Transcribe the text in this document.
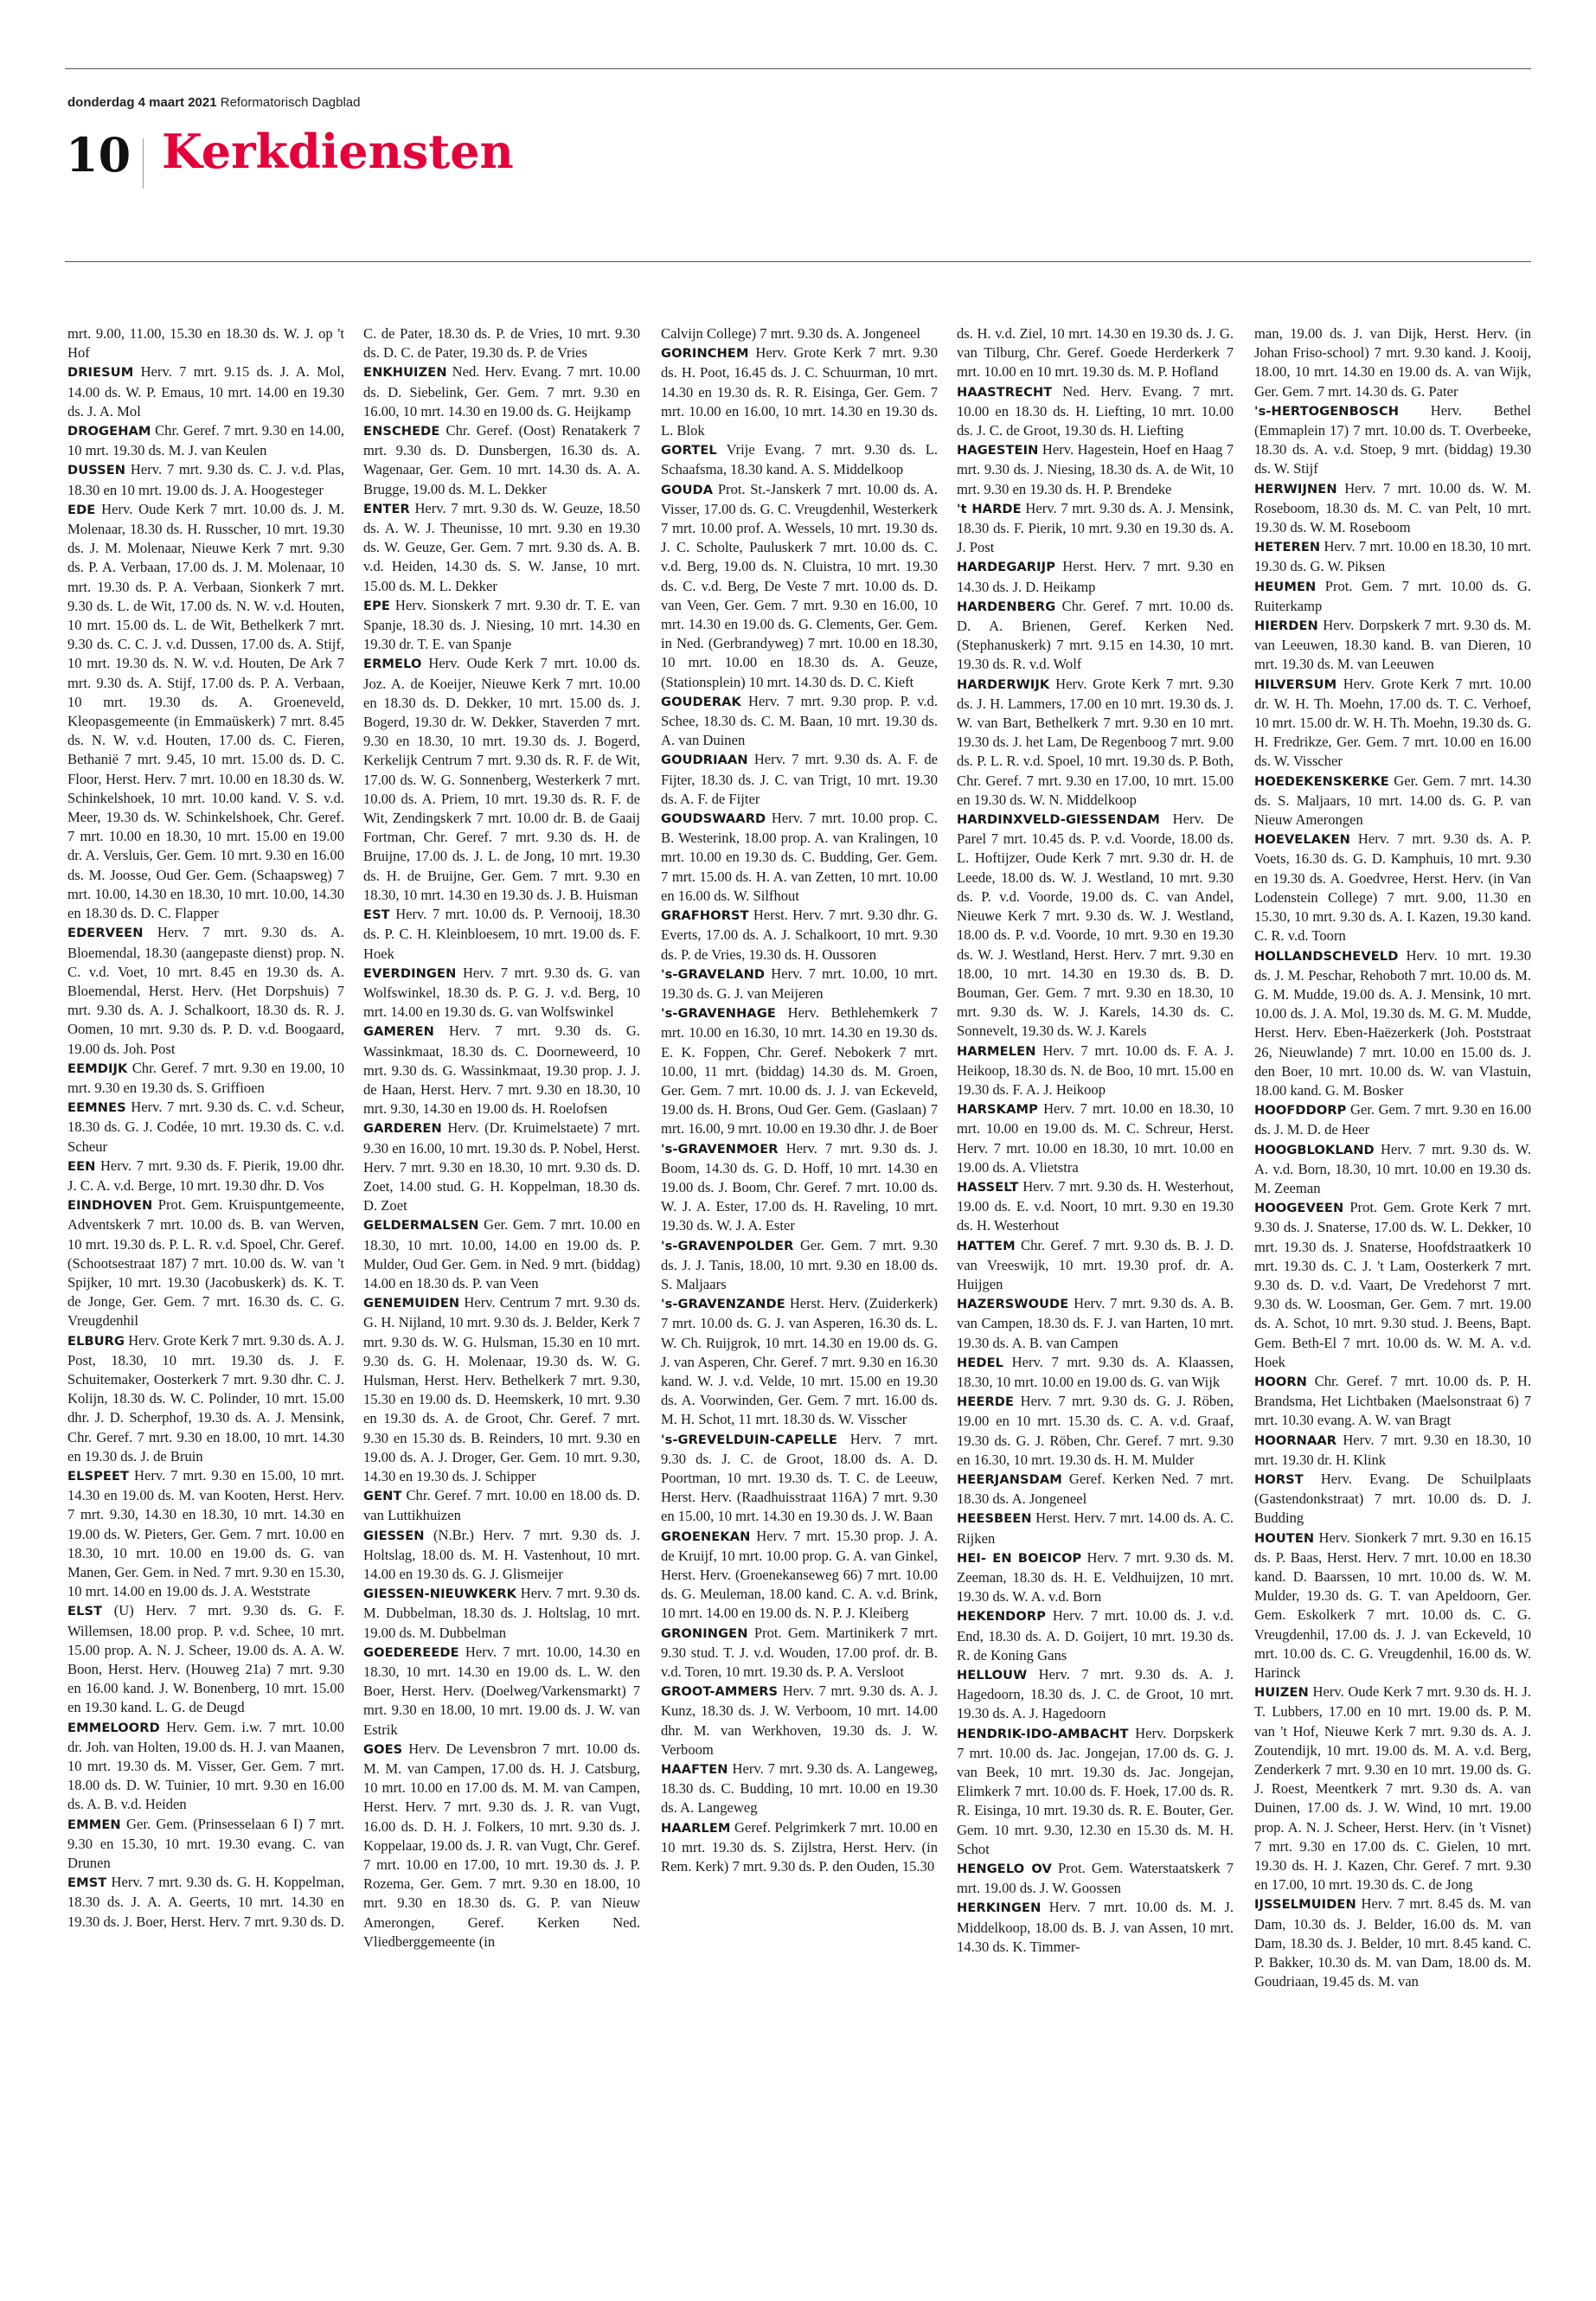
donderdag 4 maart 2021 Reformatorisch Dagblad
10 Kerkdiensten

mrt. 9.00, 11.00, 15.30 en 18.30 ds. W. J. op 't Hof

DRIESUM Herv. 7 mrt. 9.15 ds. J. A. Mol, 14.00 ds. W. P. Emaus, 10 mrt. 14.00 en 19.30 ds. J. A. Mol

DROGEHAM Chr. Geref. 7 mrt. 9.30 en 14.00, 10 mrt. 19.30 ds. M. J. van Keulen

DUSSEN Herv. 7 mrt. 9.30 ds. C. J. v.d. Plas, 18.30 en 10 mrt. 19.00 ds. J. A. Hoogesteger

EDE Herv. Oude Kerk 7 mrt. 10.00 ds. J. M. Molenaar, 18.30 ds. H. Russcher, 10 mrt. 19.30 ds. J. M. Molenaar, Nieuwe Kerk 7 mrt. 9.30 ds. P. A. Verbaan, 17.00 ds. J. M. Molenaar, 10 mrt. 19.30 ds. P. A. Verbaan, Sionkerk 7 mrt. 9.30 ds. L. de Wit, 17.00 ds. N. W. v.d. Houten, 10 mrt. 15.00 ds. L. de Wit, Bethelkerk 7 mrt. 9.30 ds. C. C. J. v.d. Dussen, 17.00 ds. A. Stijf, 10 mrt. 19.30 ds. N. W. v.d. Houten, De Ark 7 mrt. 9.30 ds. A. Stijf, 17.00 ds. P. A. Verbaan, 10 mrt. 19.30 ds. A. Groeneveld, Kleopasgemeente (in Emmaüskerk) 7 mrt. 8.45 ds. N. W. v.d. Houten, 17.00 ds. C. Fieren, Bethanië 7 mrt. 9.45, 10 mrt. 15.00 ds. D. C. Floor, Herst. Herv. 7 mrt. 10.00 en 18.30 ds. W. Schinkelshoek, 10 mrt. 10.00 kand. V. S. v.d. Meer, 19.30 ds. W. Schinkelshoek, Chr. Geref. 7 mrt. 10.00 en 18.30, 10 mrt. 15.00 en 19.00 dr. A. Versluis, Ger. Gem. 10 mrt. 9.30 en 16.00 ds. M. Joosse, Oud Ger. Gem. (Schaapsweg) 7 mrt. 10.00, 14.30 en 18.30, 10 mrt. 10.00, 14.30 en 18.30 ds. D. C. Flapper

EDERVEEN Herv. 7 mrt. 9.30 ds. A. Bloemendal, 18.30 (aangepaste dienst) prop. N. C. v.d. Voet, 10 mrt. 8.45 en 19.30 ds. A. Bloemendal, Herst. Herv. (Het Dorpshuis) 7 mrt. 9.30 ds. A. J. Schalkoort, 18.30 ds. R. J. Oomen, 10 mrt. 9.30 ds. P. D. v.d. Boogaard, 19.00 ds. Joh. Post

EEMDIJK Chr. Geref. 7 mrt. 9.30 en 19.00, 10 mrt. 9.30 en 19.30 ds. S. Griffioen

EEMNES Herv. 7 mrt. 9.30 ds. C. v.d. Scheur, 18.30 ds. G. J. Codée, 10 mrt. 19.30 ds. C. v.d. Scheur

EEN Herv. 7 mrt. 9.30 ds. F. Pierik, 19.00 dhr. J. C. A. v.d. Berge, 10 mrt. 19.30 dhr. D. Vos

EINDHOVEN Prot. Gem. Kruispuntgemeente, Adventskerk 7 mrt. 10.00 ds. B. van Werven, 10 mrt. 19.30 ds. P. L. R. v.d. Spoel, Chr. Geref. (Schootsestraat 187) 7 mrt. 10.00 ds. W. van 't Spijker, 10 mrt. 19.30 (Jacobuskerk) ds. K. T. de Jonge, Ger. Gem. 7 mrt. 16.30 ds. C. G. Vreugdenhil

ELBURG Herv. Grote Kerk 7 mrt. 9.30 ds. A. J. Post, 18.30, 10 mrt. 19.30 ds. J. F. Schuitemaker, Oosterkerk 7 mrt. 9.30 dhr. C. J. Kolijn, 18.30 ds. W. C. Polinder, 10 mrt. 15.00 dhr. J. D. Scherphof, 19.30 ds. A. J. Mensink, Chr. Geref. 7 mrt. 9.30 en 18.00, 10 mrt. 14.30 en 19.30 ds. J. de Bruin

ELSPEET Herv. 7 mrt. 9.30 en 15.00, 10 mrt. 14.30 en 19.00 ds. M. van Kooten, Herst. Herv. 7 mrt. 9.30, 14.30 en 18.30, 10 mrt. 14.30 en 19.00 ds. W. Pieters, Ger. Gem. 7 mrt. 10.00 en 18.30, 10 mrt. 10.00 en 19.00 ds. G. van Manen, Ger. Gem. in Ned. 7 mrt. 9.30 en 15.30, 10 mrt. 14.00 en 19.00 ds. J. A. Weststrate

ELST (U) Herv. 7 mrt. 9.30 ds. G. F. Willemsen, 18.00 prop. P. v.d. Schee, 10 mrt. 15.00 prop. A. N. J. Scheer, 19.00 ds. A. A. W. Boon, Herst. Herv. (Houweg 21a) 7 mrt. 9.30 en 16.00 kand. J. W. Bonenberg, 10 mrt. 15.00 en 19.30 kand. L. G. de Deugd

EMMELOORD Herv. Gem. i.w. 7 mrt. 10.00 dr. Joh. van Holten, 19.00 ds. H. J. van Maanen, 10 mrt. 19.30 ds. M. Visser, Ger. Gem. 7 mrt. 18.00 ds. D. W. Tuinier, 10 mrt. 9.30 en 16.00 ds. A. B. v.d. Heiden

EMMEN Ger. Gem. (Prinsesselaan 6 I) 7 mrt. 9.30 en 15.30, 10 mrt. 19.30 evang. C. van Drunen

EMST Herv. 7 mrt. 9.30 ds. G. H. Koppelman, 18.30 ds. J. A. A. Geerts, 10 mrt. 14.30 en 19.30 ds. J. Boer, Herst. Herv. 7 mrt. 9.30 ds. D.

C. de Pater, 18.30 ds. P. de Vries, 10 mrt. 9.30 ds. D. C. de Pater, 19.30 ds. P. de Vries

ENKHUIZEN Ned. Herv. Evang. 7 mrt. 10.00 ds. D. Siebelink, Ger. Gem. 7 mrt. 9.30 en 16.00, 10 mrt. 14.30 en 19.00 ds. G. Heijkamp

ENSCHEDE Chr. Geref. (Oost) Renatakerk 7 mrt. 9.30 ds. D. Dunsbergen, 16.30 ds. A. Wagenaar, Ger. Gem. 10 mrt. 14.30 ds. A. A. Brugge, 19.00 ds. M. L. Dekker

ENTER Herv. 7 mrt. 9.30 ds. W. Geuze, 18.50 ds. A. W. J. Theunisse, 10 mrt. 9.30 en 19.30 ds. W. Geuze, Ger. Gem. 7 mrt. 9.30 ds. A. B. v.d. Heiden, 14.30 ds. S. W. Janse, 10 mrt. 15.00 ds. M. L. Dekker

EPE Herv. Sionskerk 7 mrt. 9.30 dr. T. E. van Spanje, 18.30 ds. J. Niesing, 10 mrt. 14.30 en 19.30 dr. T. E. van Spanje

ERMELO Herv. Oude Kerk 7 mrt. 10.00 ds. Joz. A. de Koeijer, Nieuwe Kerk 7 mrt. 10.00 en 18.30 ds. D. Dekker, 10 mrt. 15.00 ds. J. Bogerd, 19.30 dr. W. Dekker, Staverden 7 mrt. 9.30 en 18.30, 10 mrt. 19.30 ds. J. Bogerd, Kerkelijk Centrum 7 mrt. 9.30 ds. R. F. de Wit, 17.00 ds. W. G. Sonnenberg, Westerkerk 7 mrt. 10.00 ds. A. Priem, 10 mrt. 19.30 ds. R. F. de Wit, Zendingskerk 7 mrt. 10.00 dr. B. de Gaaij Fortman, Chr. Geref. 7 mrt. 9.30 ds. H. de Bruijne, 17.00 ds. J. L. de Jong, 10 mrt. 19.30 ds. H. de Bruijne, Ger. Gem. 7 mrt. 9.30 en 18.30, 10 mrt. 14.30 en 19.30 ds. J. B. Huisman

EST Herv. 7 mrt. 10.00 ds. P. Vernooij, 18.30 ds. P. C. H. Kleinbloesem, 10 mrt. 19.00 ds. F. Hoek

EVERDINGEN Herv. 7 mrt. 9.30 ds. G. van Wolfswinkel, 18.30 ds. P. G. J. v.d. Berg, 10 mrt. 14.00 en 19.30 ds. G. van Wolfswinkel

GAMEREN Herv. 7 mrt. 9.30 ds. G. Wassinkmaat, 18.30 ds. C. Doorneweerd, 10 mrt. 9.30 ds. G. Wassinkmaat, 19.30 prop. J. J. de Haan, Herst. Herv. 7 mrt. 9.30 en 18.30, 10 mrt. 9.30, 14.30 en 19.00 ds. H. Roelofsen

GARDEREN Herv. (Dr. Kruimelstaete) 7 mrt. 9.30 en 16.00, 10 mrt. 19.30 ds. P. Nobel, Herst. Herv. 7 mrt. 9.30 en 18.30, 10 mrt. 9.30 ds. D. Zoet, 14.00 stud. G. H. Koppelman, 18.30 ds. D. Zoet

GELDERMALSEN Ger. Gem. 7 mrt. 10.00 en 18.30, 10 mrt. 10.00, 14.00 en 19.00 ds. P. Mulder, Oud Ger. Gem. in Ned. 9 mrt. (biddag) 14.00 en 18.30 ds. P. van Veen

GENEMUIDEN Herv. Centrum 7 mrt. 9.30 ds. G. H. Nijland, 10 mrt. 9.30 ds. J. Belder, Kerk 7 mrt. 9.30 ds. W. G. Hulsman, 15.30 en 10 mrt. 9.30 ds. G. H. Molenaar, 19.30 ds. W. G. Hulsman, Herst. Herv. Bethelkerk 7 mrt. 9.30, 15.30 en 19.00 ds. D. Heemskerk, 10 mrt. 9.30 en 19.30 ds. A. de Groot, Chr. Geref. 7 mrt. 9.30 en 15.30 ds. B. Reinders, 10 mrt. 9.30 en 19.00 ds. A. J. Droger, Ger. Gem. 10 mrt. 9.30, 14.30 en 19.30 ds. J. Schipper

GENT Chr. Geref. 7 mrt. 10.00 en 18.00 ds. D. van Luttikhuizen

GIESSEN (N.Br.) Herv. 7 mrt. 9.30 ds. J. Holtslag, 18.00 ds. M. H. Vastenhout, 10 mrt. 14.00 en 19.30 ds. G. J. Glismeijer

GIESSEN-NIEUWKERK Herv. 7 mrt. 9.30 ds. M. Dubbelman, 18.30 ds. J. Holtslag, 10 mrt. 19.00 ds. M. Dubbelman

GOEDEREEDE Herv. 7 mrt. 10.00, 14.30 en 18.30, 10 mrt. 14.30 en 19.00 ds. L. W. den Boer, Herst. Herv. (Doelweg/Varkensmarkt) 7 mrt. 9.30 en 18.00, 10 mrt. 19.00 ds. J. W. van Estrik

GOES Herv. De Levensbron 7 mrt. 10.00 ds. M. M. van Campen, 17.00 ds. H. J. Catsburg, 10 mrt. 10.00 en 17.00 ds. M. M. van Campen, Herst. Herv. 7 mrt. 9.30 ds. J. R. van Vugt, 16.00 ds. D. H. J. Folkers, 10 mrt. 9.30 ds. J. Koppelaar, 19.00 ds. J. R. van Vugt, Chr. Geref. 7 mrt. 10.00 en 17.00, 10 mrt. 19.30 ds. J. P. Rozema, Ger. Gem. 7 mrt. 9.30 en 18.00, 10 mrt. 9.30 en 18.30 ds. G. P. van Nieuw Amerongen, Geref. Kerken Ned. Vliedberggemeente (in

Calvijn College) 7 mrt. 9.30 ds. A. Jongeneel

GORINCHEM Herv. Grote Kerk 7 mrt. 9.30 ds. H. Poot, 16.45 ds. J. C. Schuurman, 10 mrt. 14.30 en 19.30 ds. R. R. Eisinga, Ger. Gem. 7 mrt. 10.00 en 16.00, 10 mrt. 14.30 en 19.30 ds. L. Blok

GORTEL Vrije Evang. 7 mrt. 9.30 ds. L. Schaafsma, 18.30 kand. A. S. Middelkoop

GOUDA Prot. St.-Janskerk 7 mrt. 10.00 ds. A. Visser, 17.00 ds. G. C. Vreugdenhil, Westerkerk 7 mrt. 10.00 prof. A. Wessels, 10 mrt. 19.30 ds. J. C. Scholte, Pauluskerk 7 mrt. 10.00 ds. C. v.d. Berg, 19.00 ds. N. Cluistra, 10 mrt. 19.30 ds. C. v.d. Berg, De Veste 7 mrt. 10.00 ds. D. van Veen, Ger. Gem. 7 mrt. 9.30 en 16.00, 10 mrt. 14.30 en 19.00 ds. G. Clements, Ger. Gem. in Ned. (Gerbrandyweg) 7 mrt. 10.00 en 18.30, 10 mrt. 10.00 en 18.30 ds. A. Geuze, (Stationsplein) 10 mrt. 14.30 ds. D. C. Kieft

GOUDERAK Herv. 7 mrt. 9.30 prop. P. v.d. Schee, 18.30 ds. C. M. Baan, 10 mrt. 19.30 ds. A. van Duinen

GOUDRIAAN Herv. 7 mrt. 9.30 ds. A. F. de Fijter, 18.30 ds. J. C. van Trigt, 10 mrt. 19.30 ds. A. F. de Fijter

GOUDSWAARD Herv. 7 mrt. 10.00 prop. C. B. Westerink, 18.00 prop. A. van Kralingen, 10 mrt. 10.00 en 19.30 ds. C. Budding, Ger. Gem. 7 mrt. 15.00 ds. H. A. van Zetten, 10 mrt. 10.00 en 16.00 ds. W. Silfhout

GRAFHORST Herst. Herv. 7 mrt. 9.30 dhr. G. Everts, 17.00 ds. A. J. Schalkoort, 10 mrt. 9.30 ds. P. de Vries, 19.30 ds. H. Oussoren

's-GRAVELAND Herv. 7 mrt. 10.00, 10 mrt. 19.30 ds. G. J. van Meijeren

's-GRAVENHAGE Herv. Bethlehemkerk 7 mrt. 10.00 en 16.30, 10 mrt. 14.30 en 19.30 ds. E. K. Foppen, Chr. Geref. Nebokerk 7 mrt. 10.00, 11 mrt. (biddag) 14.30 ds. M. Groen, Ger. Gem. 7 mrt. 10.00 ds. J. J. van Eckeveld, 19.00 ds. H. Brons, Oud Ger. Gem. (Gaslaan) 7 mrt. 16.00, 9 mrt. 10.00 en 19.30 dhr. J. de Boer

's-GRAVENMOER Herv. 7 mrt. 9.30 ds. J. Boom, 14.30 ds. G. D. Hoff, 10 mrt. 14.30 en 19.00 ds. J. Boom, Chr. Geref. 7 mrt. 10.00 ds. W. J. A. Ester, 17.00 ds. H. Raveling, 10 mrt. 19.30 ds. W. J. A. Ester

's-GRAVENPOLDER Ger. Gem. 7 mrt. 9.30 ds. J. J. Tanis, 18.00, 10 mrt. 9.30 en 18.00 ds. S. Maljaars

's-GRAVENZANDE Herst. Herv. (Zuiderkerk) 7 mrt. 10.00 ds. G. J. van Asperen, 16.30 ds. L. W. Ch. Ruijgrok, 10 mrt. 14.30 en 19.00 ds. G. J. van Asperen, Chr. Geref. 7 mrt. 9.30 en 16.30 kand. W. J. v.d. Velde, 10 mrt. 15.00 en 19.30 ds. A. Voorwinden, Ger. Gem. 7 mrt. 16.00 ds. M. H. Schot, 11 mrt. 18.30 ds. W. Visscher

's-GREVELDUIN-CAPELLE Herv. 7 mrt. 9.30 ds. J. C. de Groot, 18.00 ds. A. D. Poortman, 10 mrt. 19.30 ds. T. C. de Leeuw, Herst. Herv. (Raadhuisstraat 116A) 7 mrt. 9.30 en 15.00, 10 mrt. 14.30 en 19.30 ds. J. W. Baan

GROENEKAN Herv. 7 mrt. 15.30 prop. J. A. de Kruijf, 10 mrt. 10.00 prop. G. A. van Ginkel, Herst. Herv. (Groenekanseweg 66) 7 mrt. 10.00 ds. G. Meuleman, 18.00 kand. C. A. v.d. Brink, 10 mrt. 14.00 en 19.00 ds. N. P. J. Kleiberg

GRONINGEN Prot. Gem. Martinikerk 7 mrt. 9.30 stud. T. J. v.d. Wouden, 17.00 prof. dr. B. v.d. Toren, 10 mrt. 19.30 ds. P. A. Versloot

GROOT-AMMERS Herv. 7 mrt. 9.30 ds. A. J. Kunz, 18.30 ds. J. W. Verboom, 10 mrt. 14.00 dhr. M. van Werkhoven, 19.30 ds. J. W. Verboom

HAAFTEN Herv. 7 mrt. 9.30 ds. A. Langeweg, 18.30 ds. C. Budding, 10 mrt. 10.00 en 19.30 ds. A. Langeweg

HAARLEM Geref. Pelgrimkerk 7 mrt. 10.00 en 10 mrt. 19.30 ds. S. Zijlstra, Herst. Herv. (in Rem. Kerk) 7 mrt. 9.30 ds. P. den Ouden, 15.30

ds. H. v.d. Ziel, 10 mrt. 14.30 en 19.30 ds. J. G. van Tilburg, Chr. Geref. Goede Herderkerk 7 mrt. 10.00 en 10 mrt. 19.30 ds. M. P. Hofland

HAASTRECHT Ned. Herv. Evang. 7 mrt. 10.00 en 18.30 ds. H. Liefting, 10 mrt. 10.00 ds. J. C. de Groot, 19.30 ds. H. Liefting

HAGESTEIN Herv. Hagestein, Hoef en Haag 7 mrt. 9.30 ds. J. Niesing, 18.30 ds. A. de Wit, 10 mrt. 9.30 en 19.30 ds. H. P. Brendeke

't HARDE Herv. 7 mrt. 9.30 ds. A. J. Mensink, 18.30 ds. F. Pierik, 10 mrt. 9.30 en 19.30 ds. A. J. Post

HARDEGARIJP Herst. Herv. 7 mrt. 9.30 en 14.30 ds. J. D. Heikamp

HARDENBERG Chr. Geref. 7 mrt. 10.00 ds. D. A. Brienen, Geref. Kerken Ned. (Stephanuskerk) 7 mrt. 9.15 en 14.30, 10 mrt. 19.30 ds. R. v.d. Wolf

HARDERWIJK Herv. Grote Kerk 7 mrt. 9.30 ds. J. H. Lammers, 17.00 en 10 mrt. 19.30 ds. J. W. van Bart, Bethelkerk 7 mrt. 9.30 en 10 mrt. 19.30 ds. J. het Lam, De Regenboog 7 mrt. 9.00 ds. P. L. R. v.d. Spoel, 10 mrt. 19.30 ds. P. Both, Chr. Geref. 7 mrt. 9.30 en 17.00, 10 mrt. 15.00 en 19.30 ds. W. N. Middelkoop

HARDINXVELD-GIESSENDAM Herv. De Parel 7 mrt. 10.45 ds. P. v.d. Voorde, 18.00 ds. L. Hoftijzer, Oude Kerk 7 mrt. 9.30 dr. H. de Leede, 18.00 ds. W. J. Westland, 10 mrt. 9.30 ds. P. v.d. Voorde, 19.00 ds. C. van Andel, Nieuwe Kerk 7 mrt. 9.30 ds. W. J. Westland, 18.00 ds. P. v.d. Voorde, 10 mrt. 9.30 en 19.30 ds. W. J. Westland, Herst. Herv. 7 mrt. 9.30 en 18.00, 10 mrt. 14.30 en 19.30 ds. B. D. Bouman, Ger. Gem. 7 mrt. 9.30 en 18.30, 10 mrt. 9.30 ds. W. J. Karels, 14.30 ds. C. Sonnevelt, 19.30 ds. W. J. Karels

HARMELEN Herv. 7 mrt. 10.00 ds. F. A. J. Heikoop, 18.30 ds. N. de Boo, 10 mrt. 15.00 en 19.30 ds. F. A. J. Heikoop

HARSKAMP Herv. 7 mrt. 10.00 en 18.30, 10 mrt. 10.00 en 19.00 ds. M. C. Schreur, Herst. Herv. 7 mrt. 10.00 en 18.30, 10 mrt. 10.00 en 19.00 ds. A. Vlietstra

HASSELT Herv. 7 mrt. 9.30 ds. H. Westerhout, 19.00 ds. E. v.d. Noort, 10 mrt. 9.30 en 19.30 ds. H. Westerhout

HATTEM Chr. Geref. 7 mrt. 9.30 ds. B. J. D. van Vreeswijk, 10 mrt. 19.30 prof. dr. A. Huijgen

HAZERSWOUDE Herv. 7 mrt. 9.30 ds. A. B. van Campen, 18.30 ds. F. J. van Harten, 10 mrt. 19.30 ds. A. B. van Campen

HEDEL Herv. 7 mrt. 9.30 ds. A. Klaassen, 18.30, 10 mrt. 10.00 en 19.00 ds. G. van Wijk

HEERDE Herv. 7 mrt. 9.30 ds. G. J. Röben, 19.00 en 10 mrt. 15.30 ds. C. A. v.d. Graaf, 19.30 ds. G. J. Röben, Chr. Geref. 7 mrt. 9.30 en 16.30, 10 mrt. 19.30 ds. H. M. Mulder

HEERJANSDAM Geref. Kerken Ned. 7 mrt. 18.30 ds. A. Jongeneel

HEESBEEN Herst. Herv. 7 mrt. 14.00 ds. A. C. Rijken

HEI- EN BOEICOP Herv. 7 mrt. 9.30 ds. M. Zeeman, 18.30 ds. H. E. Veldhuijzen, 10 mrt. 19.30 ds. W. A. v.d. Born

HEKENDORP Herv. 7 mrt. 10.00 ds. J. v.d. End, 18.30 ds. A. D. Goijert, 10 mrt. 19.30 ds. R. de Koning Gans

HELLOUW Herv. 7 mrt. 9.30 ds. A. J. Hagedoorn, 18.30 ds. J. C. de Groot, 10 mrt. 19.30 ds. A. J. Hagedoorn

HENDRIK-IDO-AMBACHT Herv. Dorpskerk 7 mrt. 10.00 ds. Jac. Jongejan, 17.00 ds. G. J. van Beek, 10 mrt. 19.30 ds. Jac. Jongejan, Elimkerk 7 mrt. 10.00 ds. F. Hoek, 17.00 ds. R. R. Eisinga, 10 mrt. 19.30 ds. R. E. Bouter, Ger. Gem. 10 mrt. 9.30, 12.30 en 15.30 ds. M. H. Schot

HENGELO OV Prot. Gem. Waterstaatskerk 7 mrt. 19.00 ds. J. W. Goossen

HERKINGEN Herv. 7 mrt. 10.00 ds. M. J. Middelkoop, 18.00 ds. B. J. van Assen, 10 mrt. 14.30 ds. K. Timmer-

man, 19.00 ds. J. van Dijk, Herst. Herv. (in Johan Friso-school) 7 mrt. 9.30 kand. J. Kooij, 18.00, 10 mrt. 14.30 en 19.00 ds. A. van Wijk, Ger. Gem. 7 mrt. 14.30 ds. G. Pater

's-HERTOGENBOSCH Herv. Bethel (Emmaplein 17) 7 mrt. 10.00 ds. T. Overbeeke, 18.30 ds. A. v.d. Stoep, 9 mrt. (biddag) 19.30 ds. W. Stijf

HERWIJNEN Herv. 7 mrt. 10.00 ds. W. M. Roseboom, 18.30 ds. M. C. van Pelt, 10 mrt. 19.30 ds. W. M. Roseboom

HETEREN Herv. 7 mrt. 10.00 en 18.30, 10 mrt. 19.30 ds. G. W. Piksen

HEUMEN Prot. Gem. 7 mrt. 10.00 ds. G. Ruiterkamp

HIERDEN Herv. Dorpskerk 7 mrt. 9.30 ds. M. van Leeuwen, 18.30 kand. B. van Dieren, 10 mrt. 19.30 ds. M. van Leeuwen

HILVERSUM Herv. Grote Kerk 7 mrt. 10.00 dr. W. H. Th. Moehn, 17.00 ds. T. C. Verhoef, 10 mrt. 15.00 dr. W. H. Th. Moehn, 19.30 ds. G. H. Fredrikze, Ger. Gem. 7 mrt. 10.00 en 16.00 ds. W. Visscher

HOEDEKENSKERKE Ger. Gem. 7 mrt. 14.30 ds. S. Maljaars, 10 mrt. 14.00 ds. G. P. van Nieuw Amerongen

HOEVELAKEN Herv. 7 mrt. 9.30 ds. A. P. Voets, 16.30 ds. G. D. Kamphuis, 10 mrt. 9.30 en 19.30 ds. A. Goedvree, Herst. Herv. (in Van Lodenstein College) 7 mrt. 9.00, 11.30 en 15.30, 10 mrt. 9.30 ds. A. I. Kazen, 19.30 kand. C. R. v.d. Toorn

HOLLANDSCHEVELD Herv. 10 mrt. 19.30 ds. J. M. Peschar, Rehoboth 7 mrt. 10.00 ds. M. G. M. Mudde, 19.00 ds. A. J. Mensink, 10 mrt. 10.00 ds. J. A. Mol, 19.30 ds. M. G. M. Mudde, Herst. Herv. Eben-Haëzerkerk (Joh. Poststraat 26, Nieuwlande) 7 mrt. 10.00 en 15.00 ds. J. den Boer, 10 mrt. 10.00 ds. W. van Vlastuin, 18.00 kand. G. M. Bosker

HOOFDDORP Ger. Gem. 7 mrt. 9.30 en 16.00 ds. J. M. D. de Heer

HOOGBLOKLAND Herv. 7 mrt. 9.30 ds. W. A. v.d. Born, 18.30, 10 mrt. 10.00 en 19.30 ds. M. Zeeman

HOOGEVEEN Prot. Gem. Grote Kerk 7 mrt. 9.30 ds. J. Snaterse, 17.00 ds. W. L. Dekker, 10 mrt. 19.30 ds. J. Snaterse, Hoofdstraatkerk 10 mrt. 19.30 ds. C. J. 't Lam, Oosterkerk 7 mrt. 9.30 ds. D. v.d. Vaart, De Vredehorst 7 mrt. 9.30 ds. W. Loosman, Ger. Gem. 7 mrt. 19.00 ds. A. Schot, 10 mrt. 9.30 stud. J. Beens, Bapt. Gem. Beth-El 7 mrt. 10.00 ds. W. M. A. v.d. Hoek

HOORN Chr. Geref. 7 mrt. 10.00 ds. P. H. Brandsma, Het Lichtbaken (Maelsonstraat 6) 7 mrt. 10.30 evang. A. W. van Bragt

HOORNAAR Herv. 7 mrt. 9.30 en 18.30, 10 mrt. 19.30 dr. H. Klink

HORST Herv. Evang. De Schuilplaats (Gastendonkstraat) 7 mrt. 10.00 ds. D. J. Budding

HOUTEN Herv. Sionkerk 7 mrt. 9.30 en 16.15 ds. P. Baas, Herst. Herv. 7 mrt. 10.00 en 18.30 kand. D. Baarssen, 10 mrt. 10.00 ds. W. M. Mulder, 19.30 ds. G. T. van Apeldoorn, Ger. Gem. Eskolkerk 7 mrt. 10.00 ds. C. G. Vreugdenhil, 17.00 ds. J. J. van Eckeveld, 10 mrt. 10.00 ds. C. G. Vreugdenhil, 16.00 ds. W. Harinck

HUIZEN Herv. Oude Kerk 7 mrt. 9.30 ds. H. J. T. Lubbers, 17.00 en 10 mrt. 19.00 ds. P. M. van 't Hof, Nieuwe Kerk 7 mrt. 9.30 ds. A. J. Zoutendijk, 10 mrt. 19.00 ds. M. A. v.d. Berg, Zenderkerk 7 mrt. 9.30 en 10 mrt. 19.00 ds. G. J. Roest, Meentkerk 7 mrt. 9.30 ds. A. van Duinen, 17.00 ds. J. W. Wind, 10 mrt. 19.00 prop. A. N. J. Scheer, Herst. Herv. (in 't Visnet) 7 mrt. 9.30 en 17.00 ds. C. Gielen, 10 mrt. 19.30 ds. H. J. Kazen, Chr. Geref. 7 mrt. 9.30 en 17.00, 10 mrt. 19.30 ds. C. de Jong

IJSSELMUIDEN Herv. 7 mrt. 8.45 ds. M. van Dam, 10.30 ds. J. Belder, 16.00 ds. M. van Dam, 18.30 ds. J. Belder, 10 mrt. 8.45 kand. C. P. Bakker, 10.30 ds. M. van Dam, 18.00 ds. M. Goudriaan, 19.45 ds. M. van
